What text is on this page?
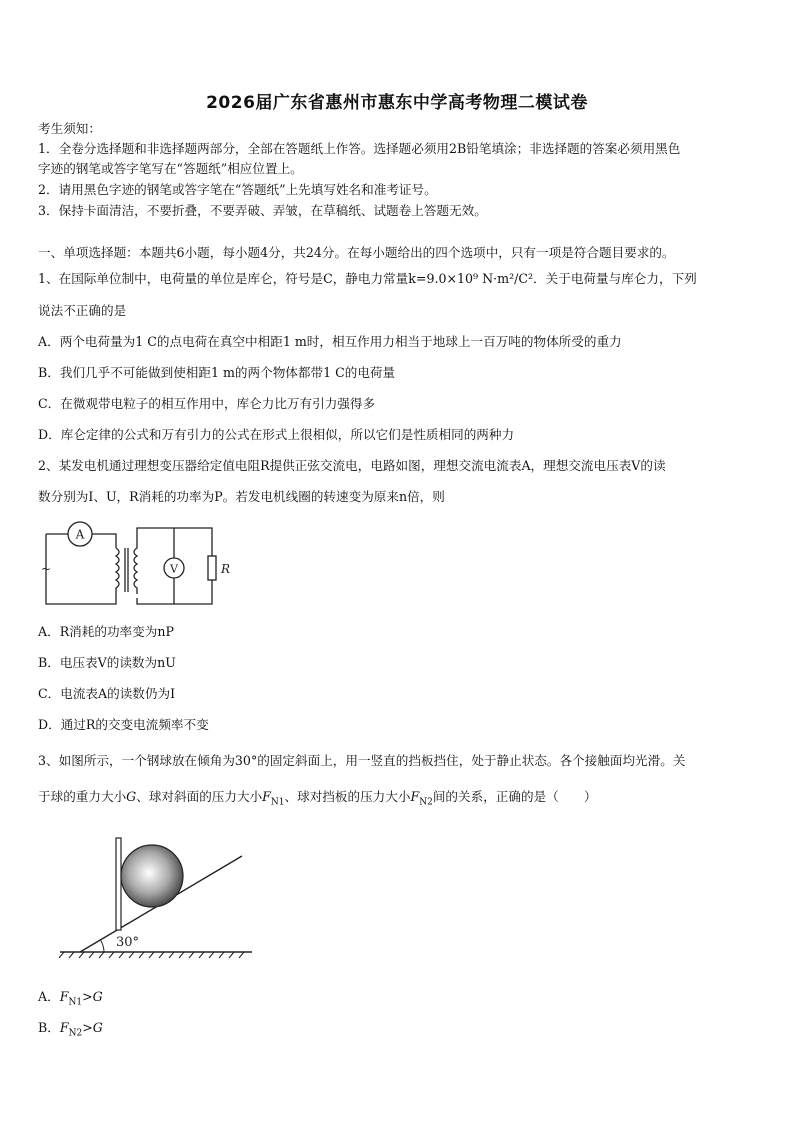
2026届广东省惠州市惠东中学高考物理二模试卷
考生须知：
1．全卷分选择题和非选择题两部分，全部在答题纸上作答。选择题必须用2B铅笔填涂；非选择题的答案必须用黑色
字迹的钢笔或答字笔写在“答题纸”相应位置上。
2．请用黑色字迹的钢笔或答字笔在“答题纸”上先填写姓名和准考证号。
3．保持卡面清洁，不要折叠，不要弄破、弄皱，在草稿纸、试题卷上答题无效。
一、单项选择题：本题共6小题，每小题4分，共24分。在每小题给出的四个选项中，只有一项是符合题目要求的。
1、在国际单位制中，电荷量的单位是库仑，符号是C，静电力常量k=9.0×10⁹ N·m²/C²．关于电荷量与库仑力，下列
说法不正确的是
A．两个电荷量为1 C的点电荷在真空中相距1 m时，相互作用力相当于地球上一百万吨的物体所受的重力
B．我们几乎不可能做到使相距1 m的两个物体都带1 C的电荷量
C．在微观带电粒子的相互作用中，库仑力比万有引力强得多
D．库仑定律的公式和万有引力的公式在形式上很相似，所以它们是性质相同的两种力
2、某发电机通过理想变压器给定值电阻R提供正弦交流电，电路如图，理想交流电流表A，理想交流电压表V的读
数分别为I、U，R消耗的功率为P。若发电机线圈的转速变为原来n倍，则
A
V	R
~
A．R消耗的功率变为nP
B．电压表V的读数为nU
C．电流表A的读数仍为I
D．通过R的交变电流频率不变
3、如图所示，一个钢球放在倾角为30°的固定斜面上，用一竖直的挡板挡住，处于静止状态。各个接触面均光滑。关
于球的重力大小G、球对斜面的压力大小$F_{N1}$、球对挡板的压力大小$F_{N2}$间的关系，正确的是（　　）
30°
A．$F_{N1}>G$
B．$F_{N2}>G$
